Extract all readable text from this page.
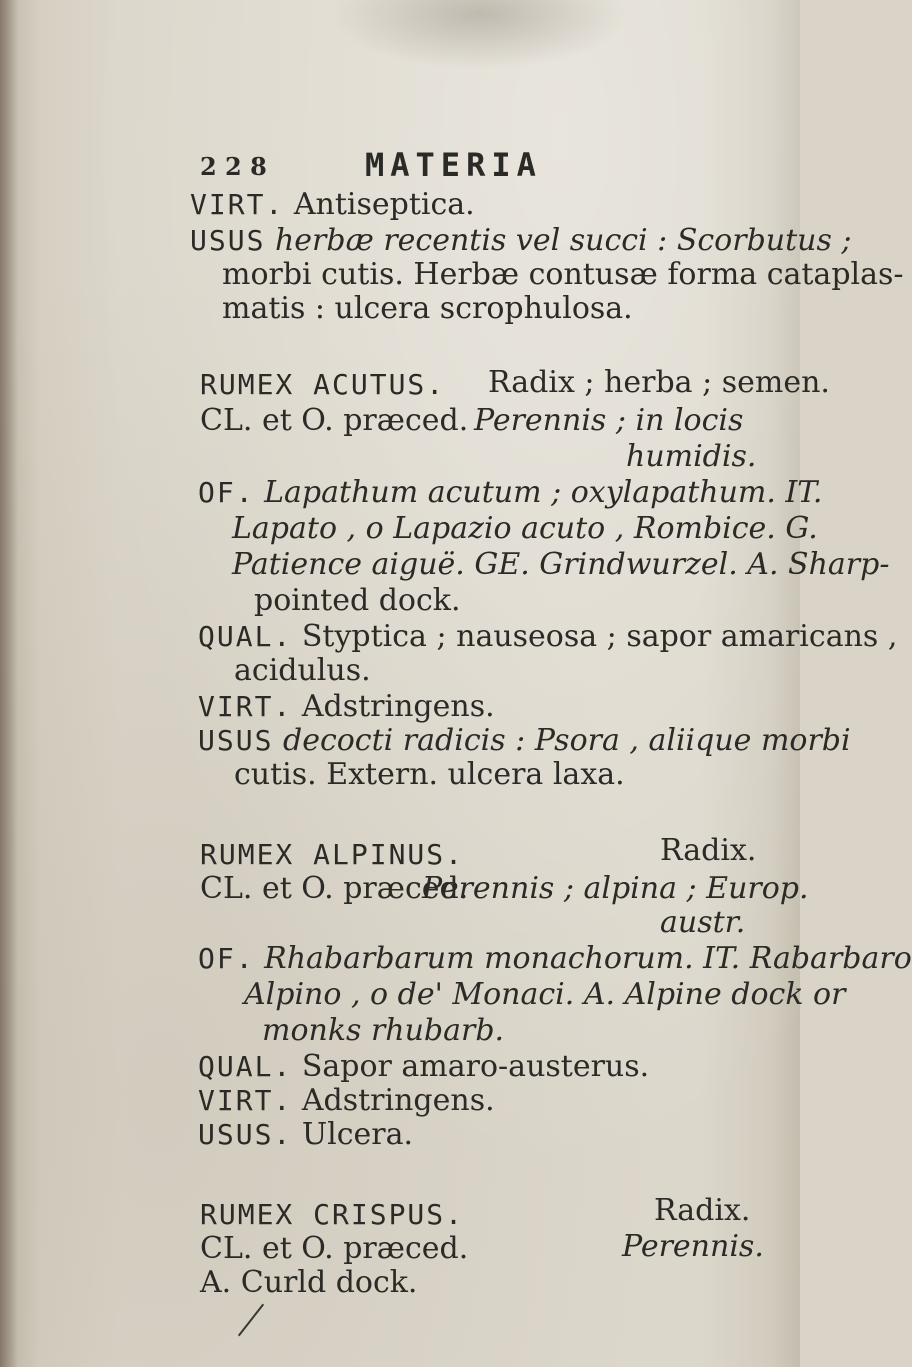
2 2 8	MATERIA
VIRT. Antiseptica.
USUS herbæ recentis vel succi : Scorbutus ;
morbi cutis. Herbæ contusæ forma cataplas-
matis : ulcera scrophulosa.
RUMEX ACUTUS. Radix ; herba ; semen.
CL. et O. præced. Perennis ; in locis
humidis.
OF. Lapathum acutum ; oxylapathum. IT.
Lapato , o Lapazio acuto , Rombice. G.
Patience aiguë. GE. Grindwurzel. A. Sharp-
pointed dock.
QUAL. Styptica ; nauseosa ; sapor amaricans ,
acidulus.
VIRT. Adstringens.
USUS decocti radicis : Psora , aliique morbi
cutis. Extern. ulcera laxa.
RUMEX ALPINUS.	Radix.
CL. et O. præced.
Perennis ; alpina ; Europ.
austr.
OF. Rhabarbarum monachorum. IT. Rabarbaro
Alpino , o de' Monaci. A. Alpine dock or
monks rhubarb.
QUAL. Sapor amaro-austerus.
VIRT. Adstringens.
USUS. Ulcera.
RUMEX CRISPUS.	Radix.
CL. et O. præced.	Perennis.
A. Curld dock.
